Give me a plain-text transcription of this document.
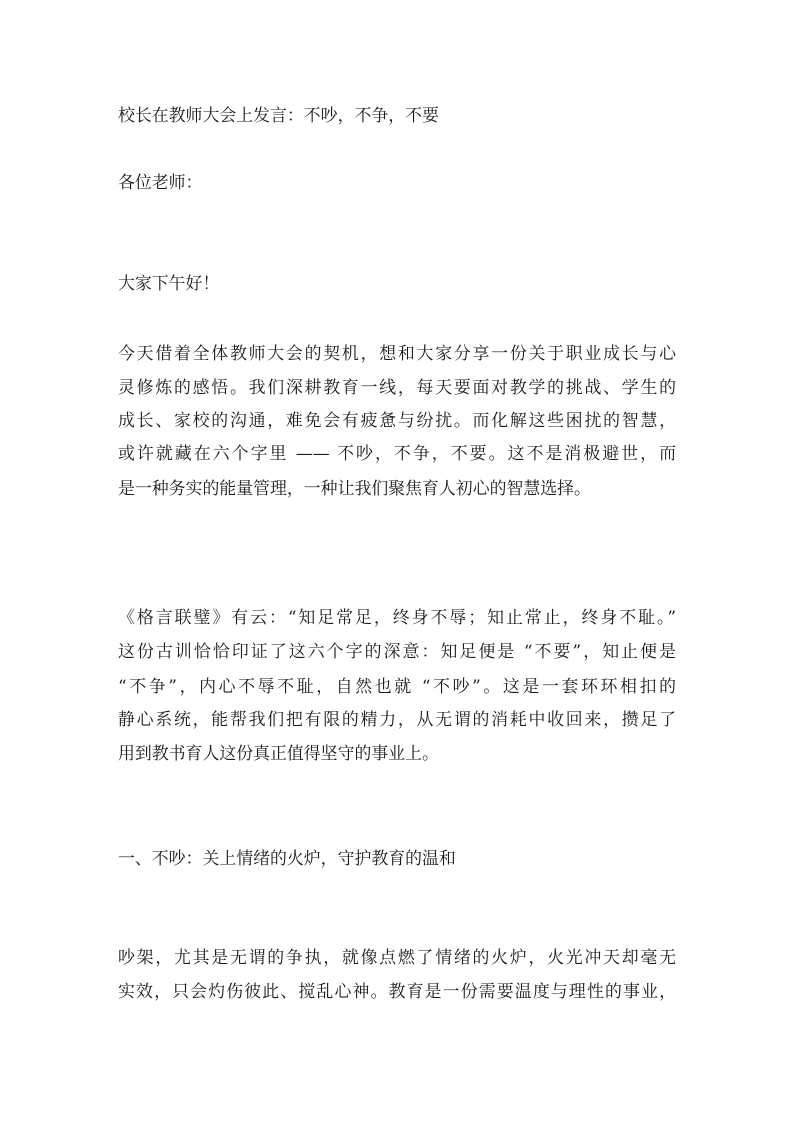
校长在教师大会上发言：不吵，不争，不要
各位老师：
大家下午好！
今天借着全体教师大会的契机，想和大家分享一份关于职业成长与心
灵修炼的感悟。我们深耕教育一线，每天要面对教学的挑战、学生的
成长、家校的沟通，难免会有疲惫与纷扰。而化解这些困扰的智慧，
或许就藏在六个字里 —— 不吵，不争，不要。这不是消极避世，而
是一种务实的能量管理，一种让我们聚焦育人初心的智慧选择。
《格言联璧》有云：“知足常足，终身不辱；知止常止，终身不耻。”
这份古训恰恰印证了这六个字的深意：知足便是 “不要”，知止便是
“不争”，内心不辱不耻，自然也就 “不吵”。这是一套环环相扣的
静心系统，能帮我们把有限的精力，从无谓的消耗中收回来，攒足了
用到教书育人这份真正值得坚守的事业上。
一、不吵：关上情绪的火炉，守护教育的温和
吵架，尤其是无谓的争执，就像点燃了情绪的火炉，火光冲天却毫无
实效，只会灼伤彼此、搅乱心神。教育是一份需要温度与理性的事业，
